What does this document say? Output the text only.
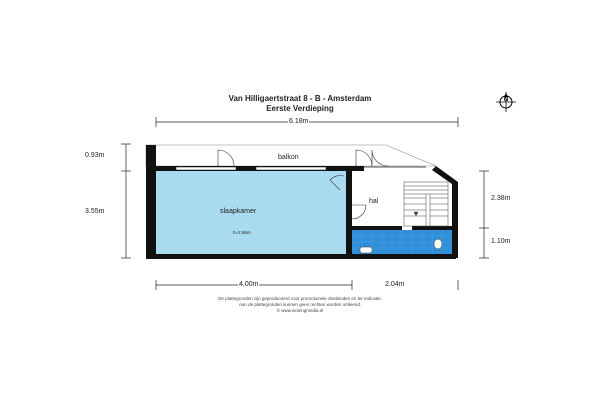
Van Hilligaertstraat 8 - B - Amsterdam
Eerste Verdieping
N
6.18m
0.93m
3.55m
2.38m
1.10m
4.00m	2.04m
balkon
slaapkamer
h=2.56m
hal
De plattegronden zijn geproduceerd voor promotionele doeleinden en ter indicatie.
Aan de plattegronden kunnen geen rechten worden ontleend.
© www.woningmedia.nl
